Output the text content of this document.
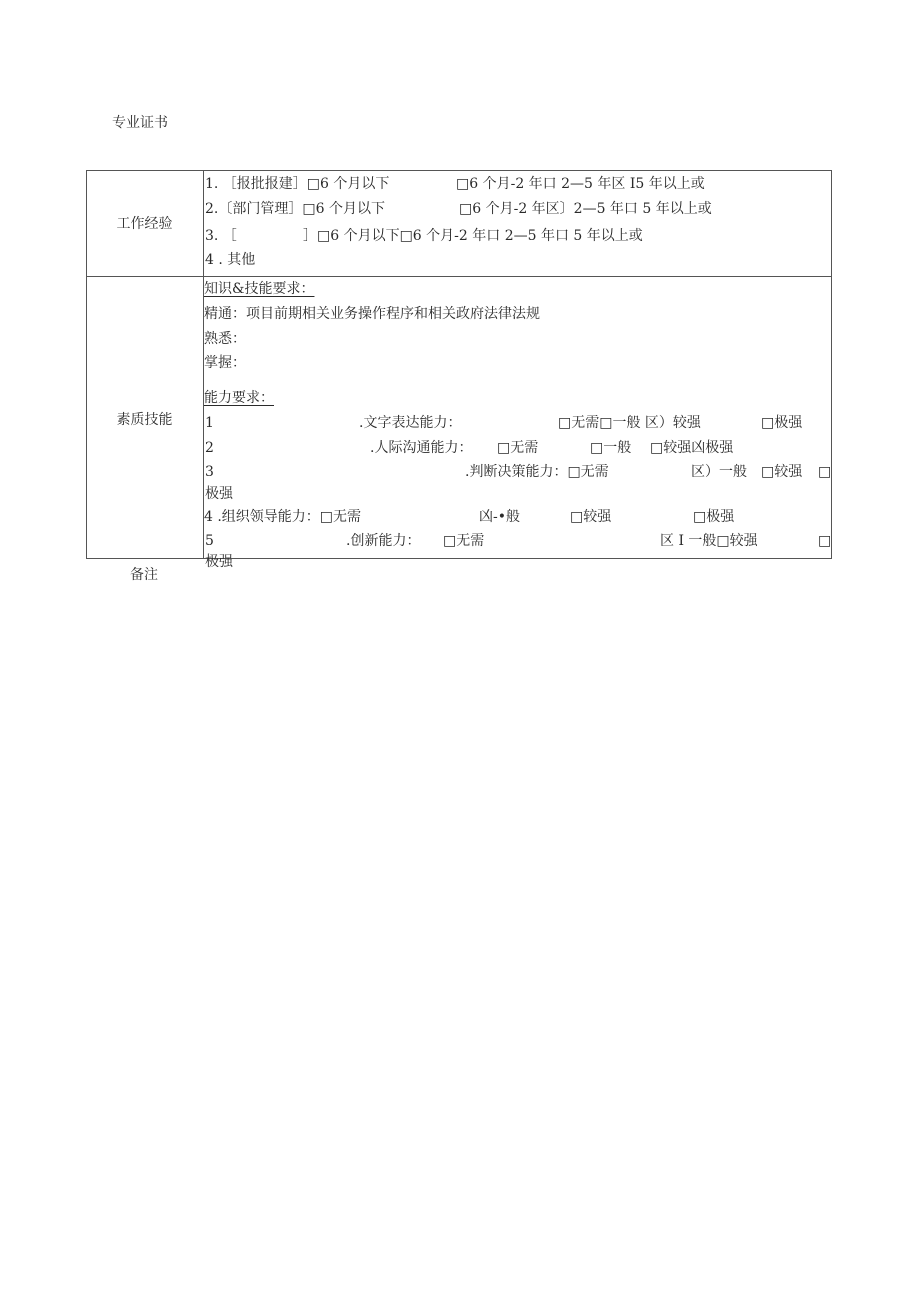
专业证书
工作经验
1. ［报批报建］□6 个月以下	□6 个月-2 年口 2—5 年区 I5 年以上或
2.〔部门管理］□6 个月以下	□6 个月-2 年区〕2—5 年口 5 年以上或
3. ［	］□6 个月以下□6 个月-2 年口 2—5 年口 5 年以上或
4 . 其他
素质技能
知识&技能要求：
精通：项目前期相关业务操作程序和相关政府法律法规
熟悉：
掌握：
能力要求：
1	.文字表达能力：	□无需□一般 区）较强	□极强
2	.人际沟通能力： □无需	□一般 □较强凶极强
3	.判断决策能力：□无需	区）一般 □较强 □
极强
4 .组织领导能力：□无需	凶-•般	□较强	□极强
5	.创新能力： □无需	区 I 一般□较强	□
极强
备注
